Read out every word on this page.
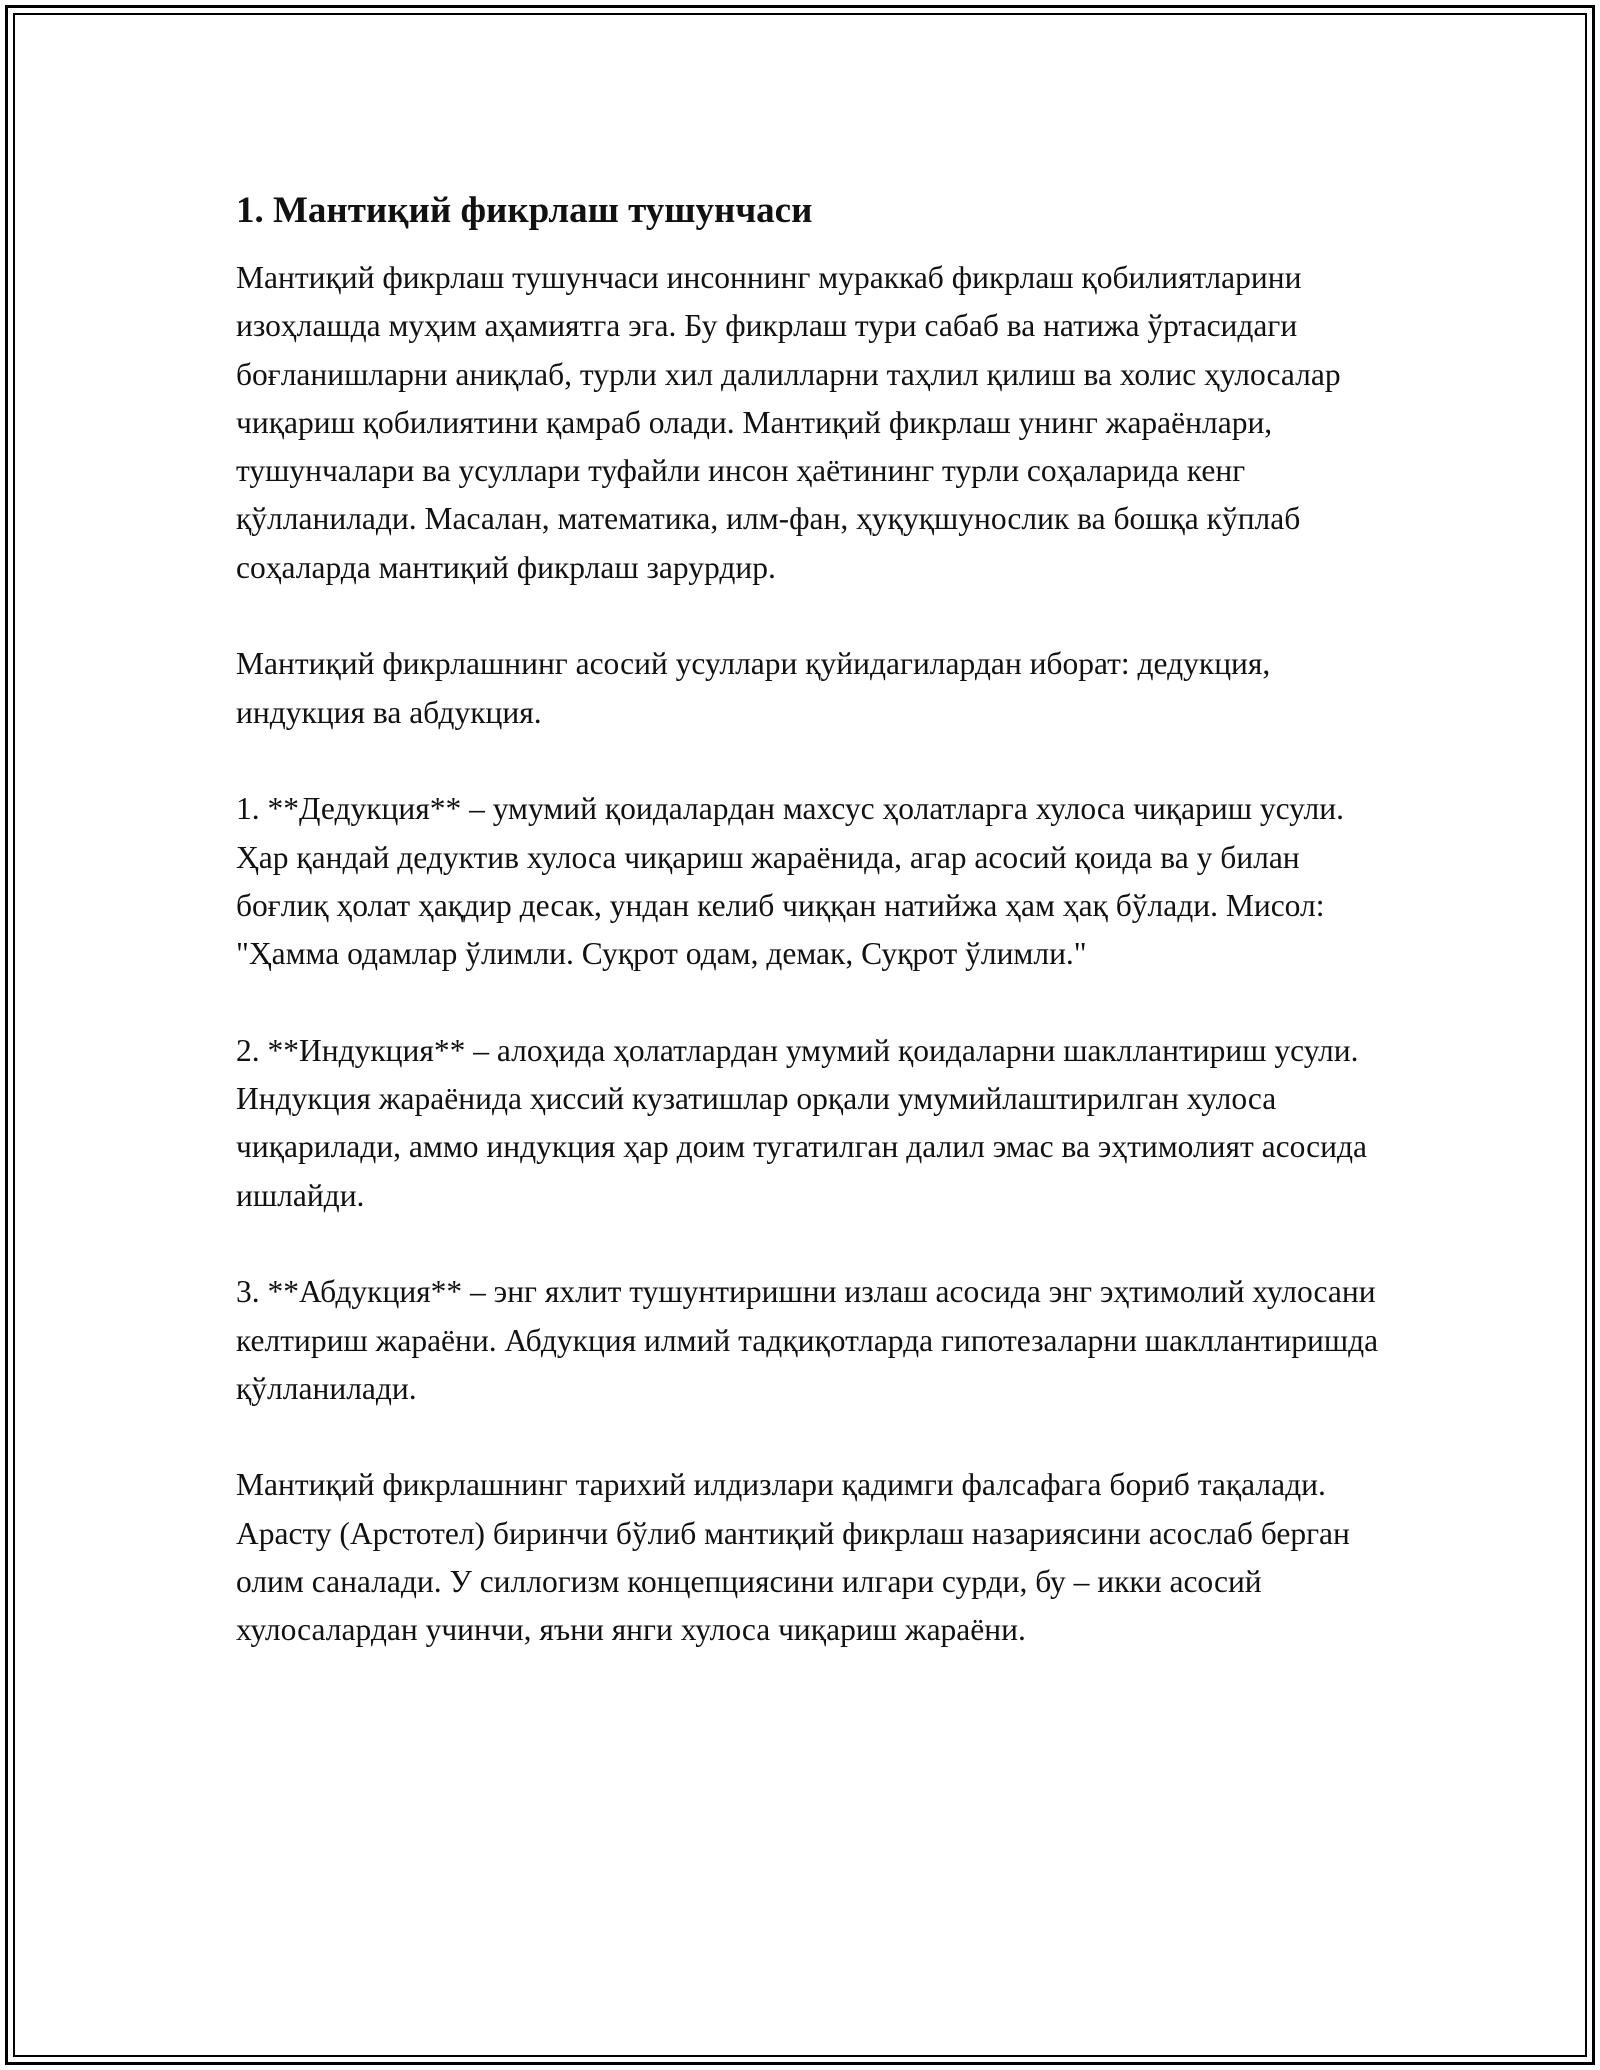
1. Мантиқий фикрлаш тушунчаси

Мантиқий фикрлаш тушунчаси инсоннинг мураккаб фикрлаш қобилиятларини изоҳлашда муҳим аҳамиятга эга. Бу фикрлаш тури сабаб ва натижа ўртасидаги боғланишларни аниқлаб, турли хил далилларни таҳлил қилиш ва холис ҳулосалар чиқариш қобилиятини қамраб олади. Мантиқий фикрлаш унинг жараёнлари, тушунчалари ва усуллари туфайли инсон ҳаётининг турли соҳаларида кенг қўлланилади. Масалан, математика, илм-фан, ҳуқуқшунослик ва бошқа кўплаб соҳаларда мантиқий фикрлаш зарурдир.

Мантиқий фикрлашнинг асосий усуллари қуйидагилардан иборат: дедукция, индукция ва абдукция.

1. **Дедукция** – умумий қоидалардан махсус ҳолатларга хулоса чиқариш усули. Ҳар қандай дедуктив хулоса чиқариш жараёнида, агар асосий қоида ва у билан боғлиқ ҳолат ҳақдир десак, ундан келиб чиққан натийжа ҳам ҳақ бўлади. Мисол: "Ҳамма одамлар ўлимли. Суқрот одам, демак, Суқрот ўлимли."

2. **Индукция** – алоҳида ҳолатлардан умумий қоидаларни шакллантириш усули. Индукция жараёнида ҳиссий кузатишлар орқали умумийлаштирилган хулоса чиқарилади, аммо индукция ҳар доим тугатилган далил эмас ва эҳтимолият асосида ишлайди.

3. **Абдукция** – энг яхлит тушунтиришни излаш асосида энг эҳтимолий хулосани келтириш жараёни. Абдукция илмий тадқиқотларда гипотезаларни шакллантиришда қўлланилади.

Мантиқий фикрлашнинг тарихий илдизлари қадимги фалсафага бориб тақалади. Арасту (Арстотел) биринчи бўлиб мантиқий фикрлаш назариясини асослаб берган олим саналади. У силлогизм концепциясини илгари сурди, бу – икки асосий хулосалардан учинчи, яъни янги хулоса чиқариш жараёни.
